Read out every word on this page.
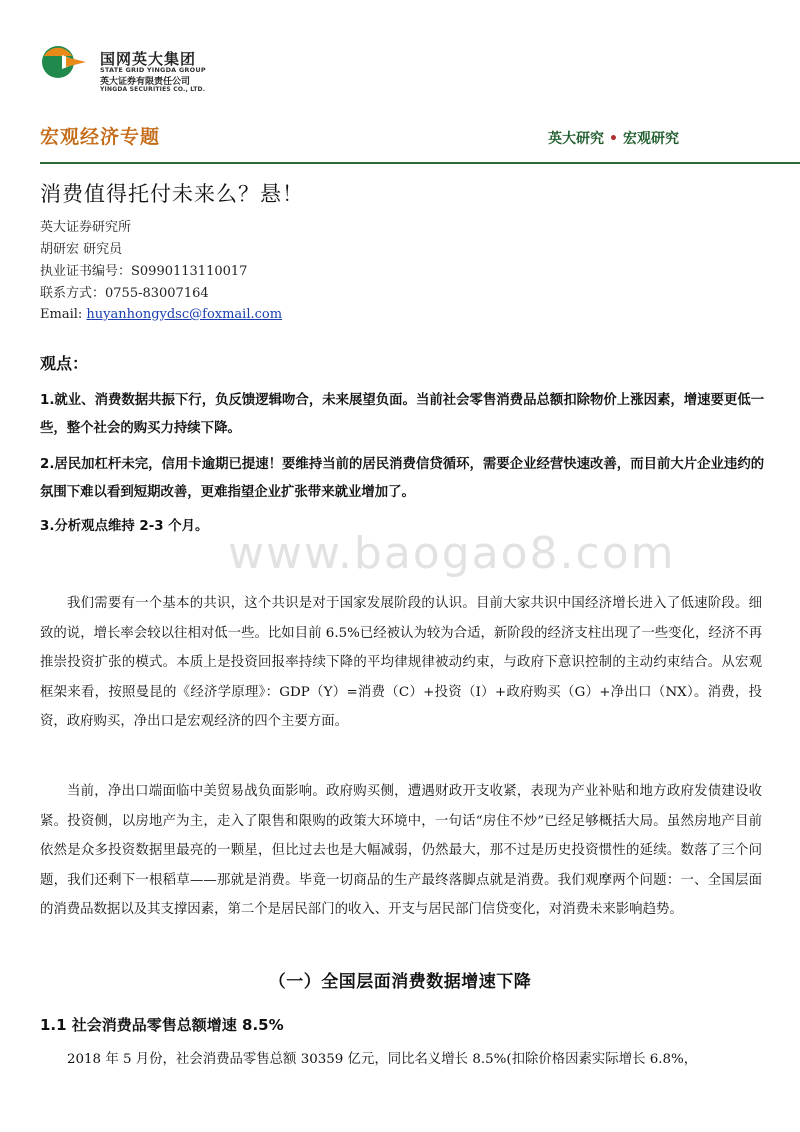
国网英大集团
STATE GRID YINGDA GROUP
英大证券有限责任公司
YINGDA SECURITIES CO., LTD.
宏观经济专题	英大研究 • 宏观研究
消费值得托付未来么？悬！
英大证券研究所
胡研宏 研究员
执业证书编号：S0990113110017
联系方式：0755-83007164
Email: huyanhongydsc@foxmail.com
观点：
1.就业、消费数据共振下行，负反馈逻辑吻合，未来展望负面。当前社会零售消费品总额扣除物价上涨因素，增速要更低一些，整个社会的购买力持续下降。
2.居民加杠杆未完，信用卡逾期已提速！要维持当前的居民消费信贷循环，需要企业经营快速改善，而目前大片企业违约的氛围下难以看到短期改善，更难指望企业扩张带来就业增加了。
3.分析观点维持 2-3 个月。
www.baogao8.com
我们需要有一个基本的共识，这个共识是对于国家发展阶段的认识。目前大家共识中国经济增长进入了低速阶段。细致的说，增长率会较以往相对低一些。比如目前 6.5%已经被认为较为合适，新阶段的经济支柱出现了一些变化，经济不再推崇投资扩张的模式。本质上是投资回报率持续下降的平均律规律被动约束，与政府下意识控制的主动约束结合。从宏观框架来看，按照曼昆的《经济学原理》：GDP（Y）=消费（C）+投资（I）+政府购买（G）+净出口（NX）。消费，投资，政府购买，净出口是宏观经济的四个主要方面。
当前，净出口端面临中美贸易战负面影响。政府购买侧，遭遇财政开支收紧，表现为产业补贴和地方政府发债建设收紧。投资侧，以房地产为主，走入了限售和限购的政策大环境中，一句话“房住不炒”已经足够概括大局。虽然房地产目前依然是众多投资数据里最亮的一颗星，但比过去也是大幅减弱，仍然最大，那不过是历史投资惯性的延续。数落了三个问题，我们还剩下一根稻草——那就是消费。毕竟一切商品的生产最终落脚点就是消费。我们观摩两个问题：一、全国层面的消费品数据以及其支撑因素，第二个是居民部门的收入、开支与居民部门信贷变化，对消费未来影响趋势。
（一）全国层面消费数据增速下降
1.1 社会消费品零售总额增速 8.5%
2018 年 5 月份，社会消费品零售总额 30359 亿元，同比名义增长 8.5%(扣除价格因素实际增长 6.8%，
